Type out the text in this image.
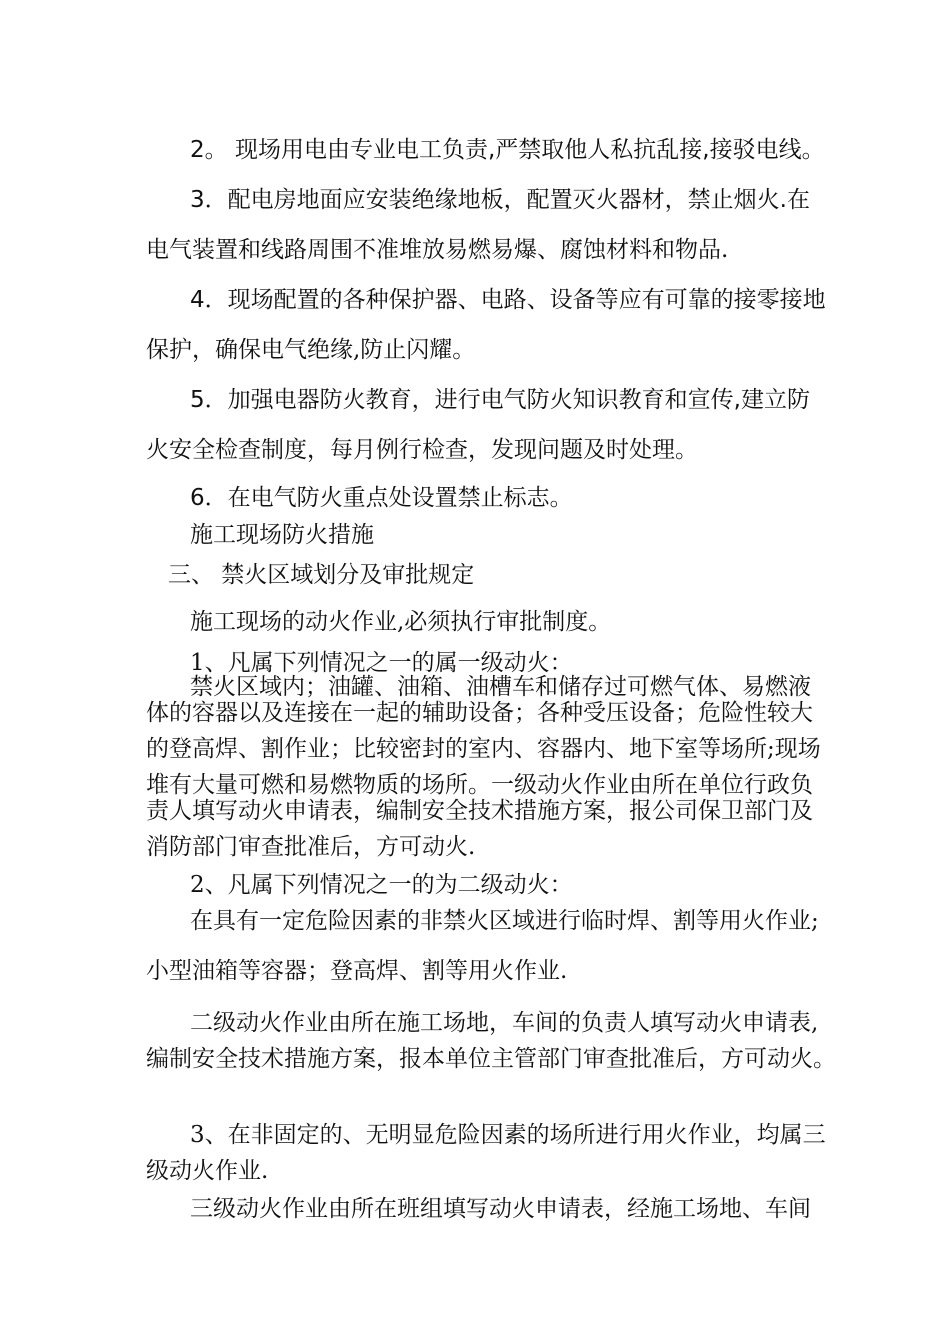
2。 现场用电由专业电工负责,严禁取他人私抗乱接,接驳电线。
3．配电房地面应安装绝缘地板，配置灭火器材，禁止烟火.在
电气装置和线路周围不准堆放易燃易爆、腐蚀材料和物品.
4．现场配置的各种保护器、电路、设备等应有可靠的接零接地
保护，确保电气绝缘,防止闪耀。
5．加强电器防火教育，进行电气防火知识教育和宣传,建立防
火安全检查制度，每月例行检查，发现问题及时处理。
6．在电气防火重点处设置禁止标志。
施工现场防火措施
三、 禁火区域划分及审批规定
施工现场的动火作业,必须执行审批制度。
1、凡属下列情况之一的属一级动火：
禁火区域内；油罐、油箱、油槽车和储存过可燃气体、易燃液
体的容器以及连接在一起的辅助设备；各种受压设备；危险性较大
的登高焊、割作业；比较密封的室内、容器内、地下室等场所;现场
堆有大量可燃和易燃物质的场所。一级动火作业由所在单位行政负
责人填写动火申请表，编制安全技术措施方案，报公司保卫部门及
消防部门审查批准后，方可动火.
2、凡属下列情况之一的为二级动火：
在具有一定危险因素的非禁火区域进行临时焊、割等用火作业;
小型油箱等容器；登高焊、割等用火作业.
二级动火作业由所在施工场地，车间的负责人填写动火申请表,
编制安全技术措施方案，报本单位主管部门审查批准后，方可动火。
3、在非固定的、无明显危险因素的场所进行用火作业，均属三
级动火作业.
三级动火作业由所在班组填写动火申请表，经施工场地、车间
